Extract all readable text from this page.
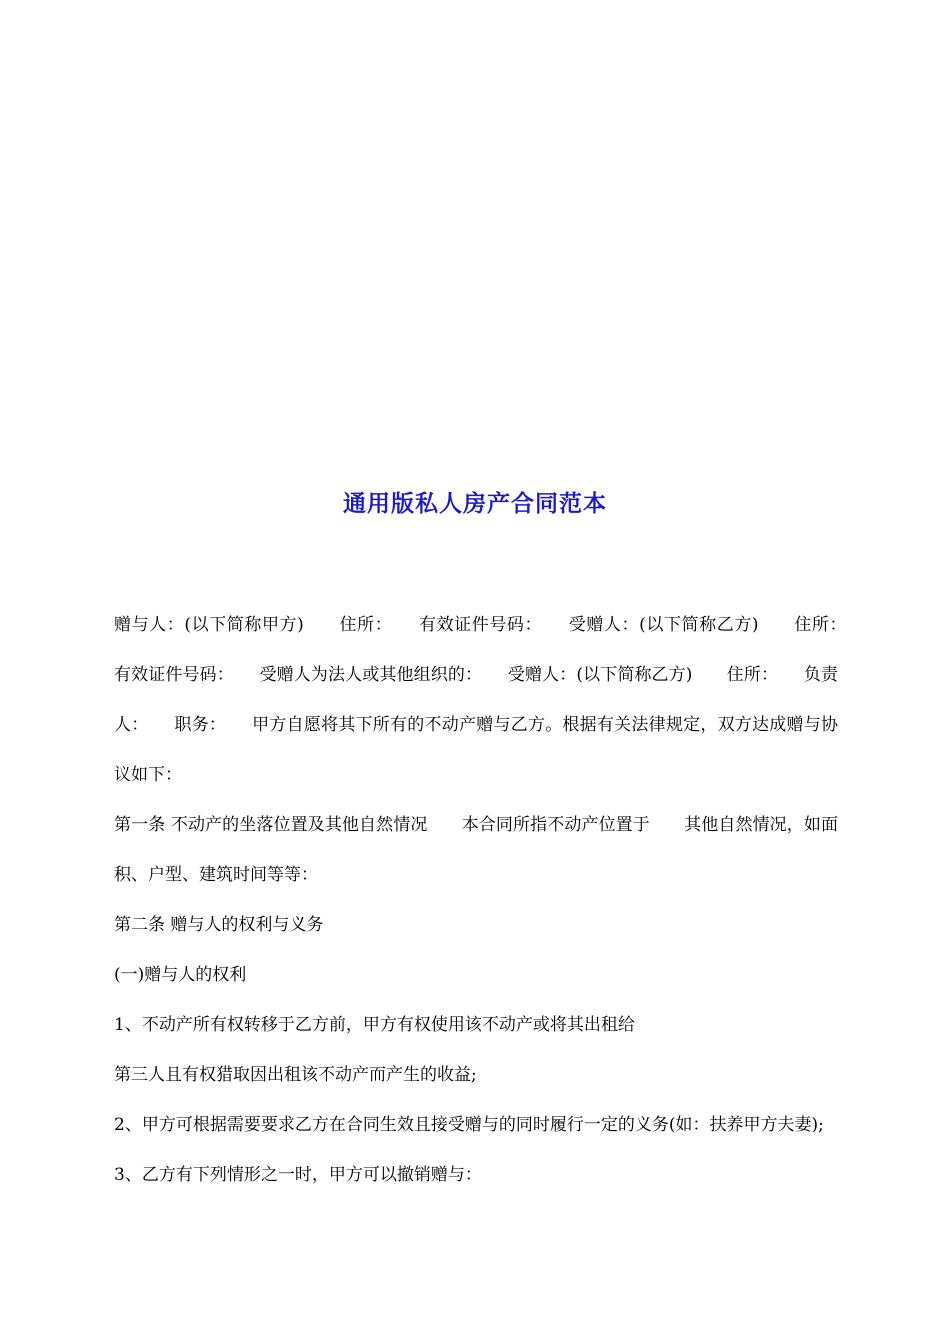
通用版私人房产合同范本

赠与人：(以下简称甲方)　　住所：　　有效证件号码：　　受赠人：(以下简称乙方)　　住所：　　有效证件号码：　　受赠人为法人或其他组织的：　　受赠人：(以下简称乙方)　　住所：　　负责人：　　职务：　　甲方自愿将其下所有的不动产赠与乙方。根据有关法律规定，双方达成赠与协议如下：

第一条 不动产的坐落位置及其他自然情况　　本合同所指不动产位置于　　其他自然情况，如面积、户型、建筑时间等等：

第二条 赠与人的权利与义务

(一)赠与人的权利

1、不动产所有权转移于乙方前，甲方有权使用该不动产或将其出租给

第三人且有权猎取因出租该不动产而产生的收益;

2、甲方可根据需要要求乙方在合同生效且接受赠与的同时履行一定的义务(如：扶养甲方夫妻);

3、乙方有下列情形之一时，甲方可以撤销赠与：
